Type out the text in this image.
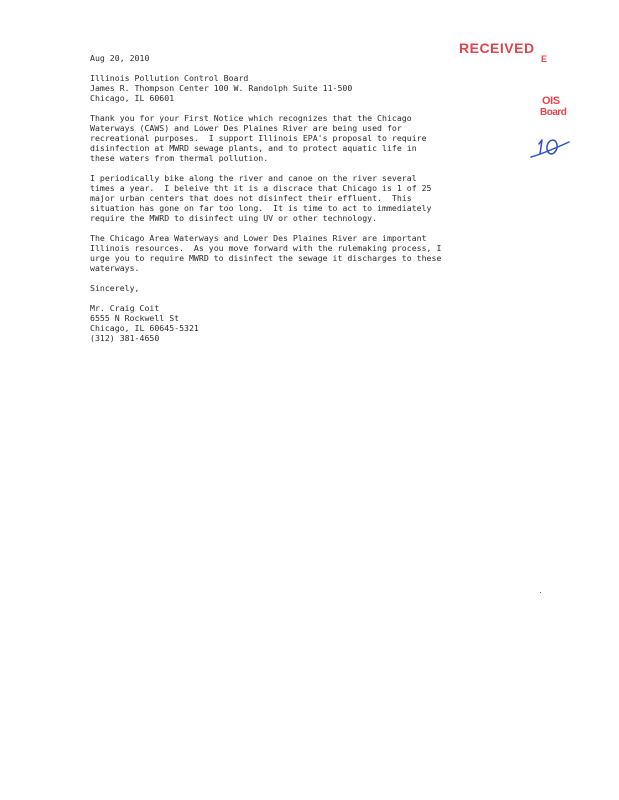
Aug 20, 2010
Illinois Pollution Control Board
James R. Thompson Center 100 W. Randolph Suite 11-500
Chicago, IL 60601
Thank you for your First Notice which recognizes that the Chicago
Waterways (CAWS) and Lower Des Plaines River are being used for
recreational purposes.  I support Illinois EPA's proposal to require
disinfection at MWRD sewage plants, and to protect aquatic life in
these waters from thermal pollution.
I periodically bike along the river and canoe on the river several
times a year.  I beleive tht it is a discrace that Chicago is 1 of 25
major urban centers that does not disinfect their effluent.  This
situation has gone on far too long.  It is time to act to immediately
require the MWRD to disinfect uing UV or other technology.
The Chicago Area Waterways and Lower Des Plaines River are important
Illinois resources.  As you move forward with the rulemaking process, I
urge you to require MWRD to disinfect the sewage it discharges to these
waterways.
Sincerely,
Mr. Craig Coit
6555 N Rockwell St
Chicago, IL 60645-5321
(312) 381-4650
RECEIVED
E
OIS
Board
